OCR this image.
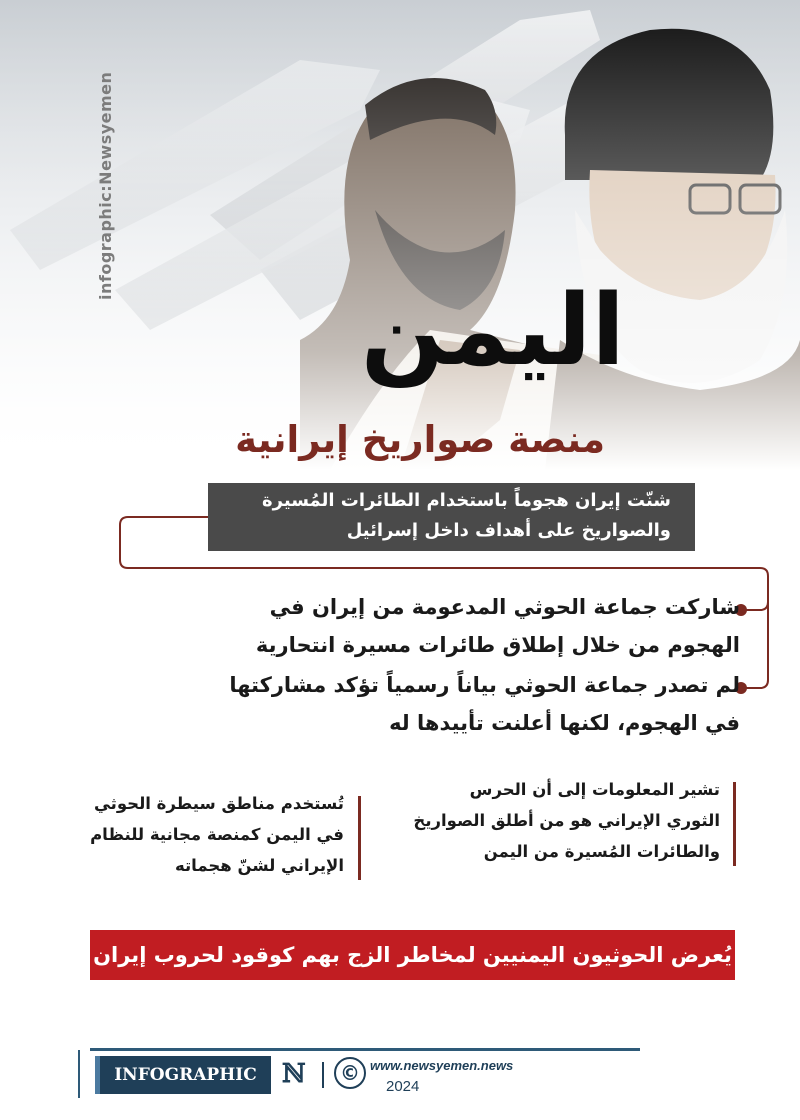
infographic:Newsyemen
اليمن
منصة صواريخ إيرانية
شنّت إيران هجوماً باستخدام الطائرات المُسيرة
والصواريخ على أهداف داخل إسرائيل
شاركت جماعة الحوثي المدعومة من إيران في
الهجوم من خلال إطلاق طائرات مسيرة انتحارية
لم تصدر جماعة الحوثي بياناً رسمياً تؤكد مشاركتها
في الهجوم، لكنها أعلنت تأييدها له
تشير المعلومات إلى أن الحرس
الثوري الإيراني هو من أطلق الصواريخ
والطائرات المُسيرة من اليمن
تُستخدم مناطق سيطرة الحوثي
في اليمن كمنصة مجانية للنظام
الإيراني لشنّ هجماته
يُعرض الحوثيون اليمنيين لمخاطر الزج بهم كوقود لحروب إيران
INFOGRAPHIC ℕ	© www.newsyemen.news
2024
